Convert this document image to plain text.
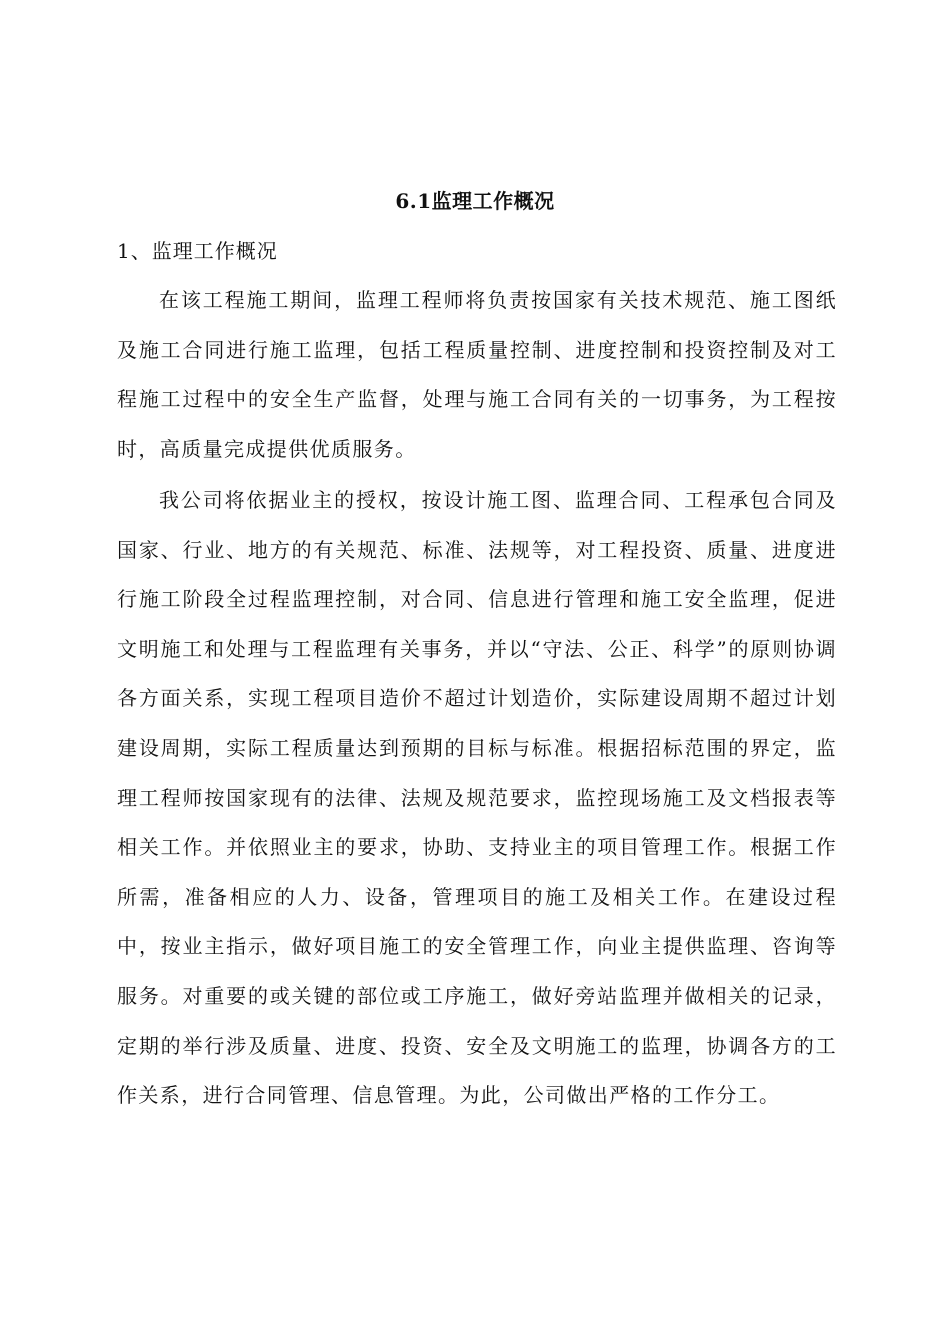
6.1监理工作概况
1、监理工作概况

在该工程施工期间，监理工程师将负责按国家有关技术规范、施工图纸及施工合同进行施工监理，包括工程质量控制、进度控制和投资控制及对工程施工过程中的安全生产监督，处理与施工合同有关的一切事务，为工程按时，高质量完成提供优质服务。

我公司将依据业主的授权，按设计施工图、监理合同、工程承包合同及国家、行业、地方的有关规范、标准、法规等，对工程投资、质量、进度进行施工阶段全过程监理控制，对合同、信息进行管理和施工安全监理，促进文明施工和处理与工程监理有关事务，并以“守法、公正、科学”的原则协调各方面关系，实现工程项目造价不超过计划造价，实际建设周期不超过计划建设周期，实际工程质量达到预期的目标与标准。根据招标范围的界定，监理工程师按国家现有的法律、法规及规范要求，监控现场施工及文档报表等相关工作。并依照业主的要求，协助、支持业主的项目管理工作。根据工作所需，准备相应的人力、设备，管理项目的施工及相关工作。在建设过程中，按业主指示，做好项目施工的安全管理工作，向业主提供监理、咨询等服务。对重要的或关键的部位或工序施工，做好旁站监理并做相关的记录，定期的举行涉及质量、进度、投资、安全及文明施工的监理，协调各方的工作关系，进行合同管理、信息管理。为此，公司做出严格的工作分工。
